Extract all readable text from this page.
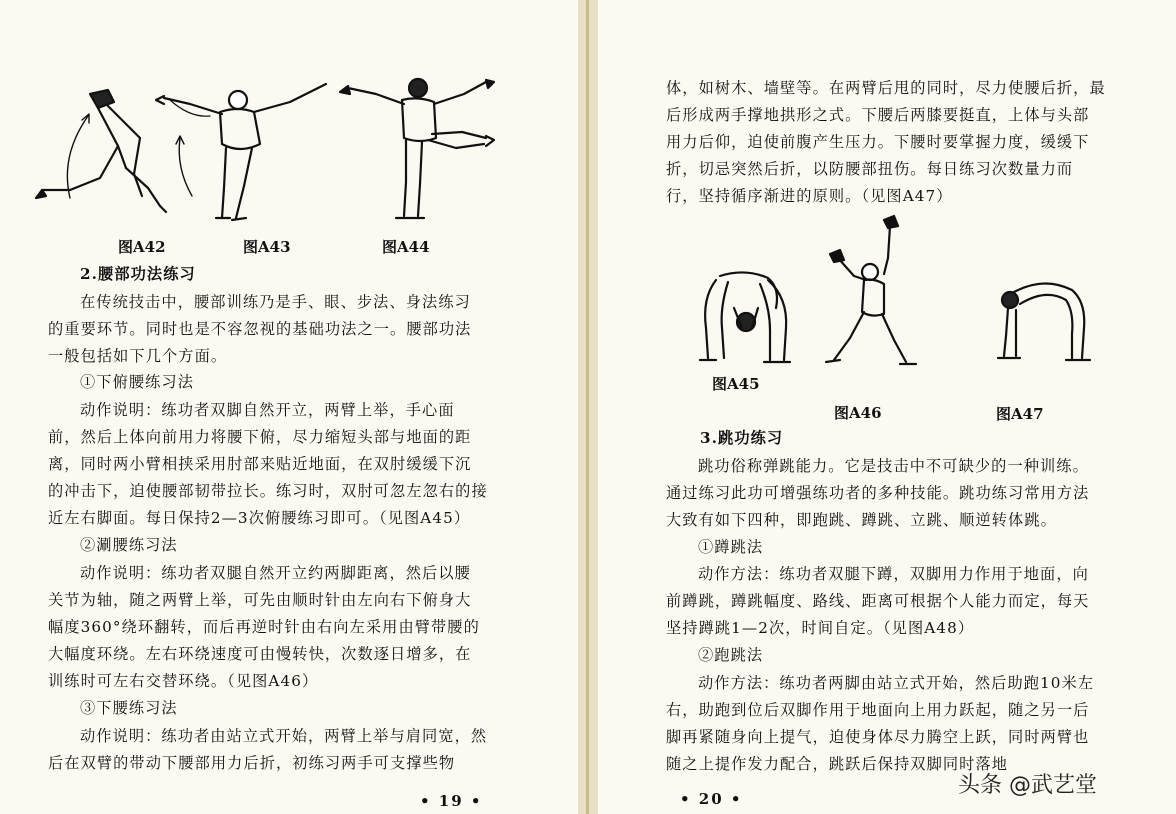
图A42	图A43	图A44
2.腰部功法练习
在传统技击中，腰部训练乃是手、眼、步法、身法练习
的重要环节。同时也是不容忽视的基础功法之一。腰部功法
一般包括如下几个方面。
①下俯腰练习法
动作说明：练功者双脚自然开立，两臂上举，手心面
前，然后上体向前用力将腰下俯，尽力缩短头部与地面的距
离，同时两小臂相挟采用肘部来贴近地面，在双肘缓缓下沉
的冲击下，迫使腰部韧带拉长。练习时，双肘可忽左忽右的接
近左右脚面。每日保持2—3次俯腰练习即可。（见图A45）
②涮腰练习法
动作说明：练功者双腿自然开立约两脚距离，然后以腰
关节为轴，随之两臂上举，可先由顺时针由左向右下俯身大
幅度360°绕环翻转，而后再逆时针由右向左采用由臂带腰的
大幅度环绕。左右环绕速度可由慢转快，次数逐日增多，在
训练时可左右交替环绕。（见图A46）
③下腰练习法
动作说明：练功者由站立式开始，两臂上举与肩同宽，然
后在双臂的带动下腰部用力后折，初练习两手可支撑些物
• 19 •
体，如树木、墙壁等。在两臂后甩的同时，尽力使腰后折，最
后形成两手撑地拱形之式。下腰后两膝要挺直，上体与头部
用力后仰，迫使前腹产生压力。下腰时要掌握力度，缓缓下
折，切忌突然后折，以防腰部扭伤。每日练习次数量力而
行，坚持循序渐进的原则。（见图A47）
图A45
图A46	图A47
3.跳功练习
跳功俗称弹跳能力。它是技击中不可缺少的一种训练。
通过练习此功可增强练功者的多种技能。跳功练习常用方法
大致有如下四种，即跑跳、蹲跳、立跳、顺逆转体跳。
①蹲跳法
动作方法：练功者双腿下蹲，双脚用力作用于地面，向
前蹲跳，蹲跳幅度、路线、距离可根据个人能力而定，每天
坚持蹲跳1—2次，时间自定。（见图A48）
②跑跳法
动作方法：练功者两脚由站立式开始，然后助跑10米左
右，助跑到位后双脚作用于地面向上用力跃起，随之另一后
脚再紧随身向上提气，迫使身体尽力腾空上跃，同时两臂也
随之上提作发力配合，跳跃后保持双脚同时落地
• 20 •
头条 @武艺堂
